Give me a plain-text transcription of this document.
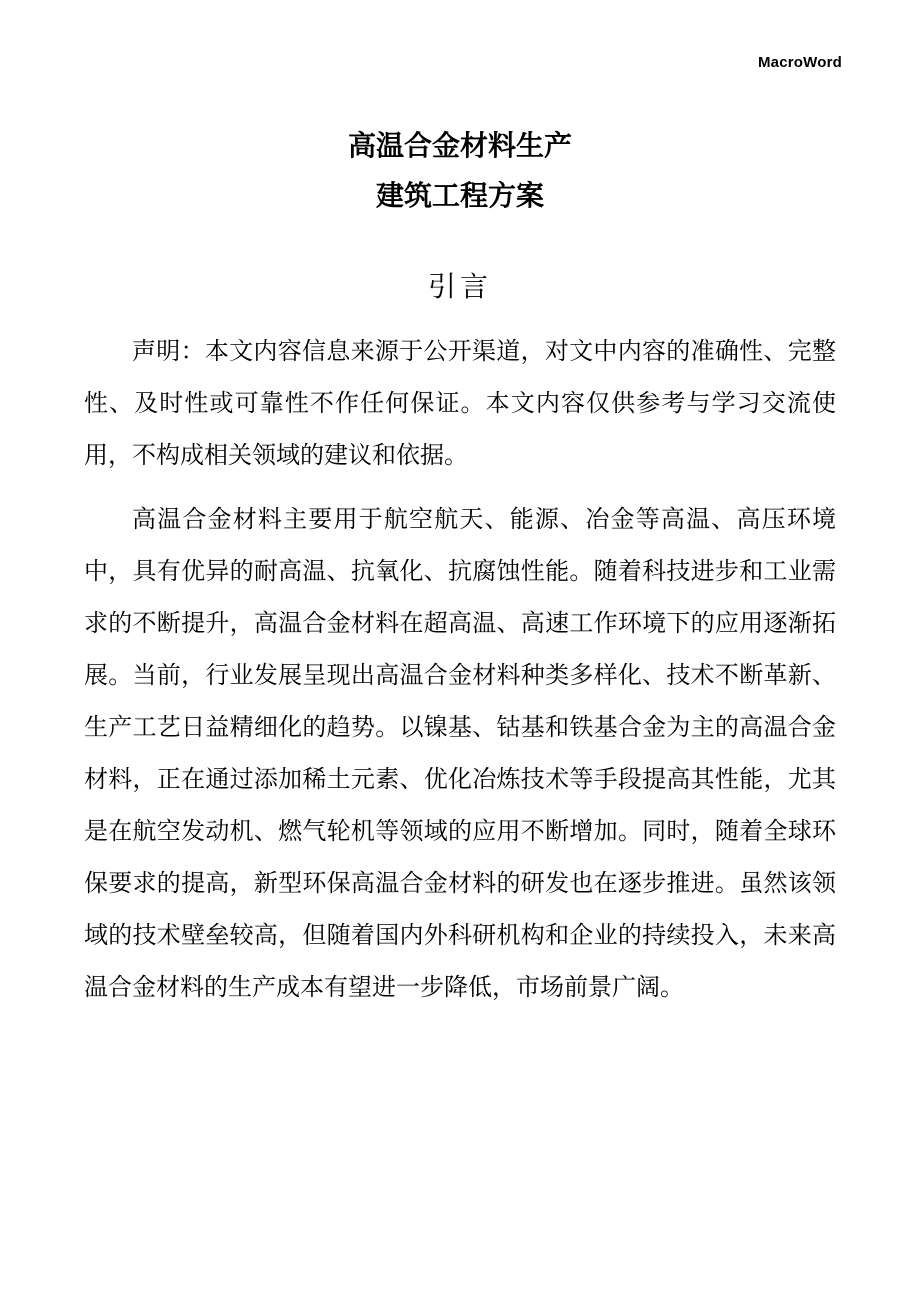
MacroWord
高温合金材料生产
建筑工程方案
引言

声明：本文内容信息来源于公开渠道，对文中内容的准确性、完整性、及时性或可靠性不作任何保证。本文内容仅供参考与学习交流使用，不构成相关领域的建议和依据。

高温合金材料主要用于航空航天、能源、冶金等高温、高压环境中，具有优异的耐高温、抗氧化、抗腐蚀性能。随着科技进步和工业需求的不断提升，高温合金材料在超高温、高速工作环境下的应用逐渐拓展。当前，行业发展呈现出高温合金材料种类多样化、技术不断革新、生产工艺日益精细化的趋势。以镍基、钴基和铁基合金为主的高温合金材料，正在通过添加稀土元素、优化冶炼技术等手段提高其性能，尤其是在航空发动机、燃气轮机等领域的应用不断增加。同时，随着全球环保要求的提高，新型环保高温合金材料的研发也在逐步推进。虽然该领域的技术壁垒较高，但随着国内外科研机构和企业的持续投入，未来高温合金材料的生产成本有望进一步降低，市场前景广阔。
